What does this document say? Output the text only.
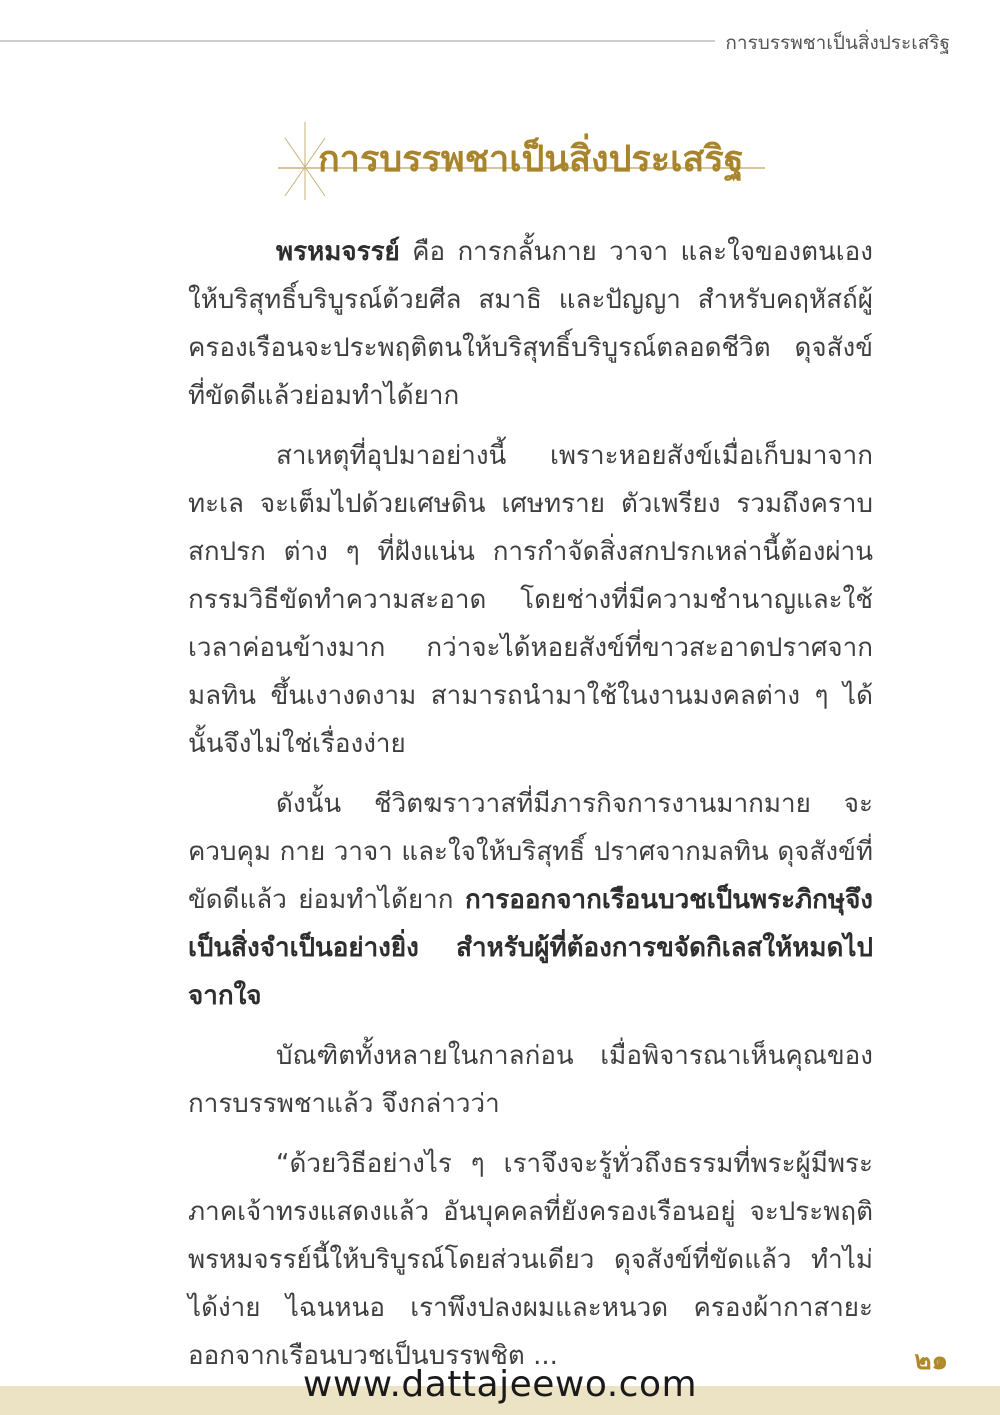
การบรรพชาเป็นสิ่งประเสริฐ
การบรรพชาเป็นสิ่งประเสริฐ

พรหมจรรย์ คือ การกลั้นกาย วาจา และใจของตนเองให้บริสุทธิ์บริบูรณ์ด้วยศีล สมาธิ และปัญญา สำหรับคฤหัสถ์ผู้ครองเรือนจะประพฤติตนให้บริสุทธิ์บริบูรณ์ตลอดชีวิต ดุจสังข์ที่ขัดดีแล้วย่อมทำได้ยาก

สาเหตุที่อุปมาอย่างนี้ เพราะหอยสังข์เมื่อเก็บมาจากทะเล จะเต็มไปด้วยเศษดิน เศษทราย ตัวเพรียง รวมถึงคราบสกปรก ต่าง ๆ ที่ฝังแน่น การกำจัดสิ่งสกปรกเหล่านี้ต้องผ่านกรรมวิธีขัดทำความสะอาด โดยช่างที่มีความชำนาญและใช้เวลาค่อนข้างมาก กว่าจะได้หอยสังข์ที่ขาวสะอาดปราศจากมลทิน ขึ้นเงางดงาม สามารถนำมาใช้ในงานมงคลต่าง ๆ ได้นั้นจึงไม่ใช่เรื่องง่าย

ดังนั้น ชีวิตฆราวาสที่มีภารกิจการงานมากมาย จะควบคุม กาย วาจา และใจให้บริสุทธิ์ ปราศจากมลทิน ดุจสังข์ที่ขัดดีแล้ว ย่อมทำได้ยาก การออกจากเรือนบวชเป็นพระภิกษุจึงเป็นสิ่งจำเป็นอย่างยิ่ง สำหรับผู้ที่ต้องการขจัดกิเลสให้หมดไปจากใจ

บัณฑิตทั้งหลายในกาลก่อน เมื่อพิจารณาเห็นคุณของการบรรพชาแล้ว จึงกล่าวว่า

“ด้วยวิธีอย่างไร ๆ เราจึงจะรู้ทั่วถึงธรรมที่พระผู้มีพระภาคเจ้าทรงแสดงแล้ว อันบุคคลที่ยังครองเรือนอยู่ จะประพฤติพรหมจรรย์นี้ให้บริบูรณ์โดยส่วนเดียว ดุจสังข์ที่ขัดแล้ว ทำไม่ได้ง่าย ไฉนหนอ เราพึงปลงผมและหนวด ครองผ้ากาสายะ ออกจากเรือนบวชเป็นบรรพชิต ...	๒๑
www.dattajeewo.com
